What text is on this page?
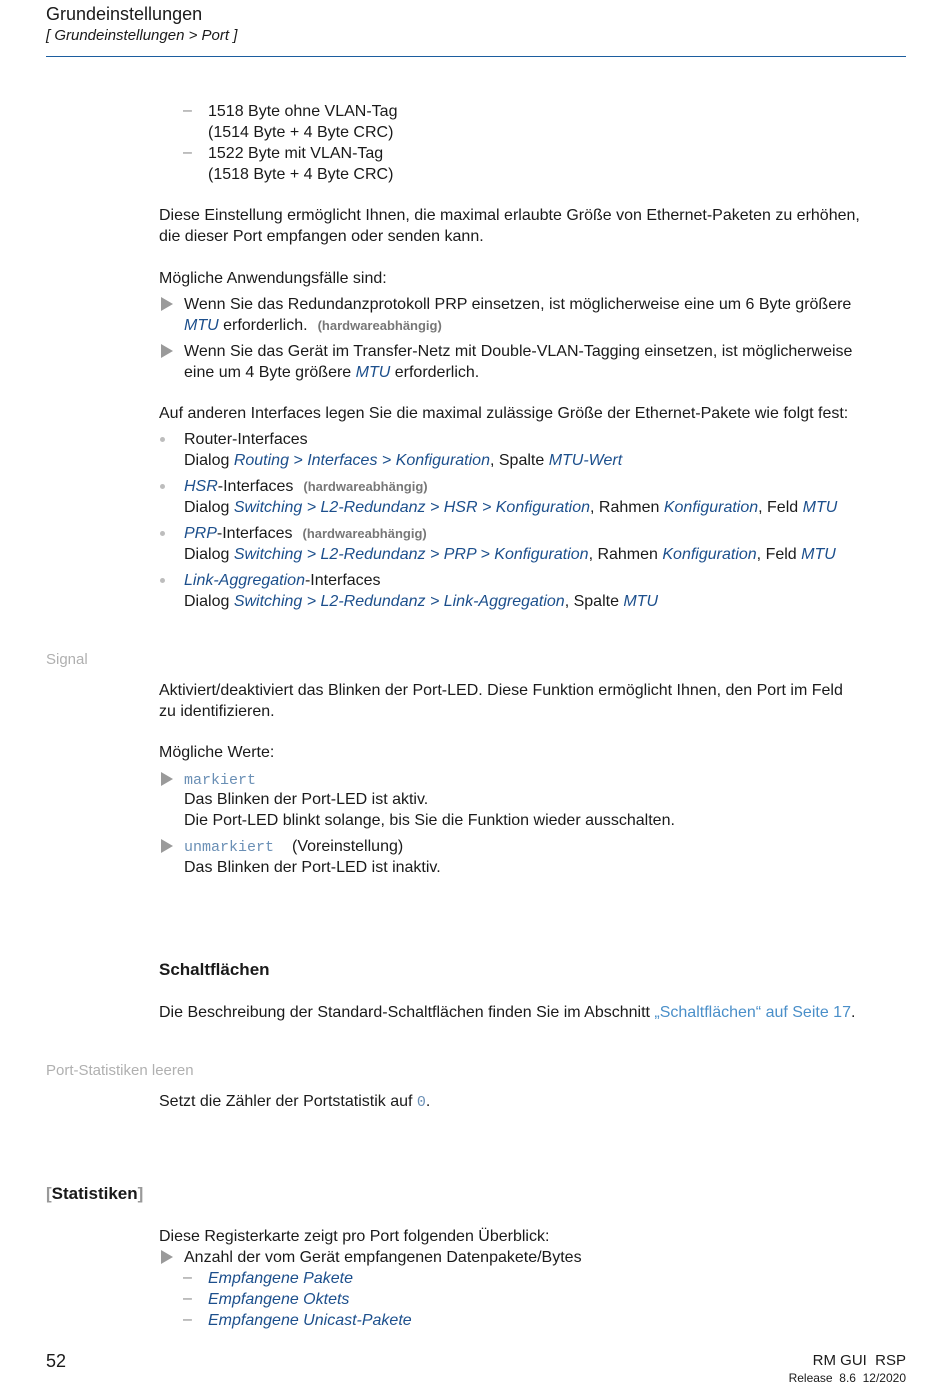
Grundeinstellungen
[ Grundeinstellungen > Port ]
– 1518 Byte ohne VLAN-Tag
(1514 Byte + 4 Byte CRC)
– 1522 Byte mit VLAN-Tag
(1518 Byte + 4 Byte CRC)
Diese Einstellung ermöglicht Ihnen, die maximal erlaubte Größe von Ethernet-Paketen zu erhöhen,
die dieser Port empfangen oder senden kann.
Mögliche Anwendungsfälle sind:
Wenn Sie das Redundanzprotokoll PRP einsetzen, ist möglicherweise eine um 6 Byte größere
MTU erforderlich. (hardwareabhängig)
Wenn Sie das Gerät im Transfer-Netz mit Double-VLAN-Tagging einsetzen, ist möglicherweise
eine um 4 Byte größere MTU erforderlich.
Auf anderen Interfaces legen Sie die maximal zulässige Größe der Ethernet-Pakete wie folgt fest:
Router-Interfaces
Dialog Routing > Interfaces > Konfiguration, Spalte MTU-Wert
HSR-Interfaces (hardwareabhängig)
Dialog Switching > L2-Redundanz > HSR > Konfiguration, Rahmen Konfiguration, Feld MTU
PRP-Interfaces (hardwareabhängig)
Dialog Switching > L2-Redundanz > PRP > Konfiguration, Rahmen Konfiguration, Feld MTU
Link-Aggregation-Interfaces
Dialog Switching > L2-Redundanz > Link-Aggregation, Spalte MTU
Signal
Aktiviert/deaktiviert das Blinken der Port-LED. Diese Funktion ermöglicht Ihnen, den Port im Feld
zu identifizieren.
Mögliche Werte:
markiert
Das Blinken der Port-LED ist aktiv.
Die Port-LED blinkt solange, bis Sie die Funktion wieder ausschalten.
unmarkiert (Voreinstellung)
Das Blinken der Port-LED ist inaktiv.
Schaltflächen
Die Beschreibung der Standard-Schaltflächen finden Sie im Abschnitt „Schaltflächen“ auf Seite 17.
Port-Statistiken leeren
Setzt die Zähler der Portstatistik auf 0.
[Statistiken]
Diese Registerkarte zeigt pro Port folgenden Überblick:
Anzahl der vom Gerät empfangenen Datenpakete/Bytes
– Empfangene Pakete
– Empfangene Oktets
– Empfangene Unicast-Pakete
52	RM GUI  RSP
Release  8.6  12/2020
